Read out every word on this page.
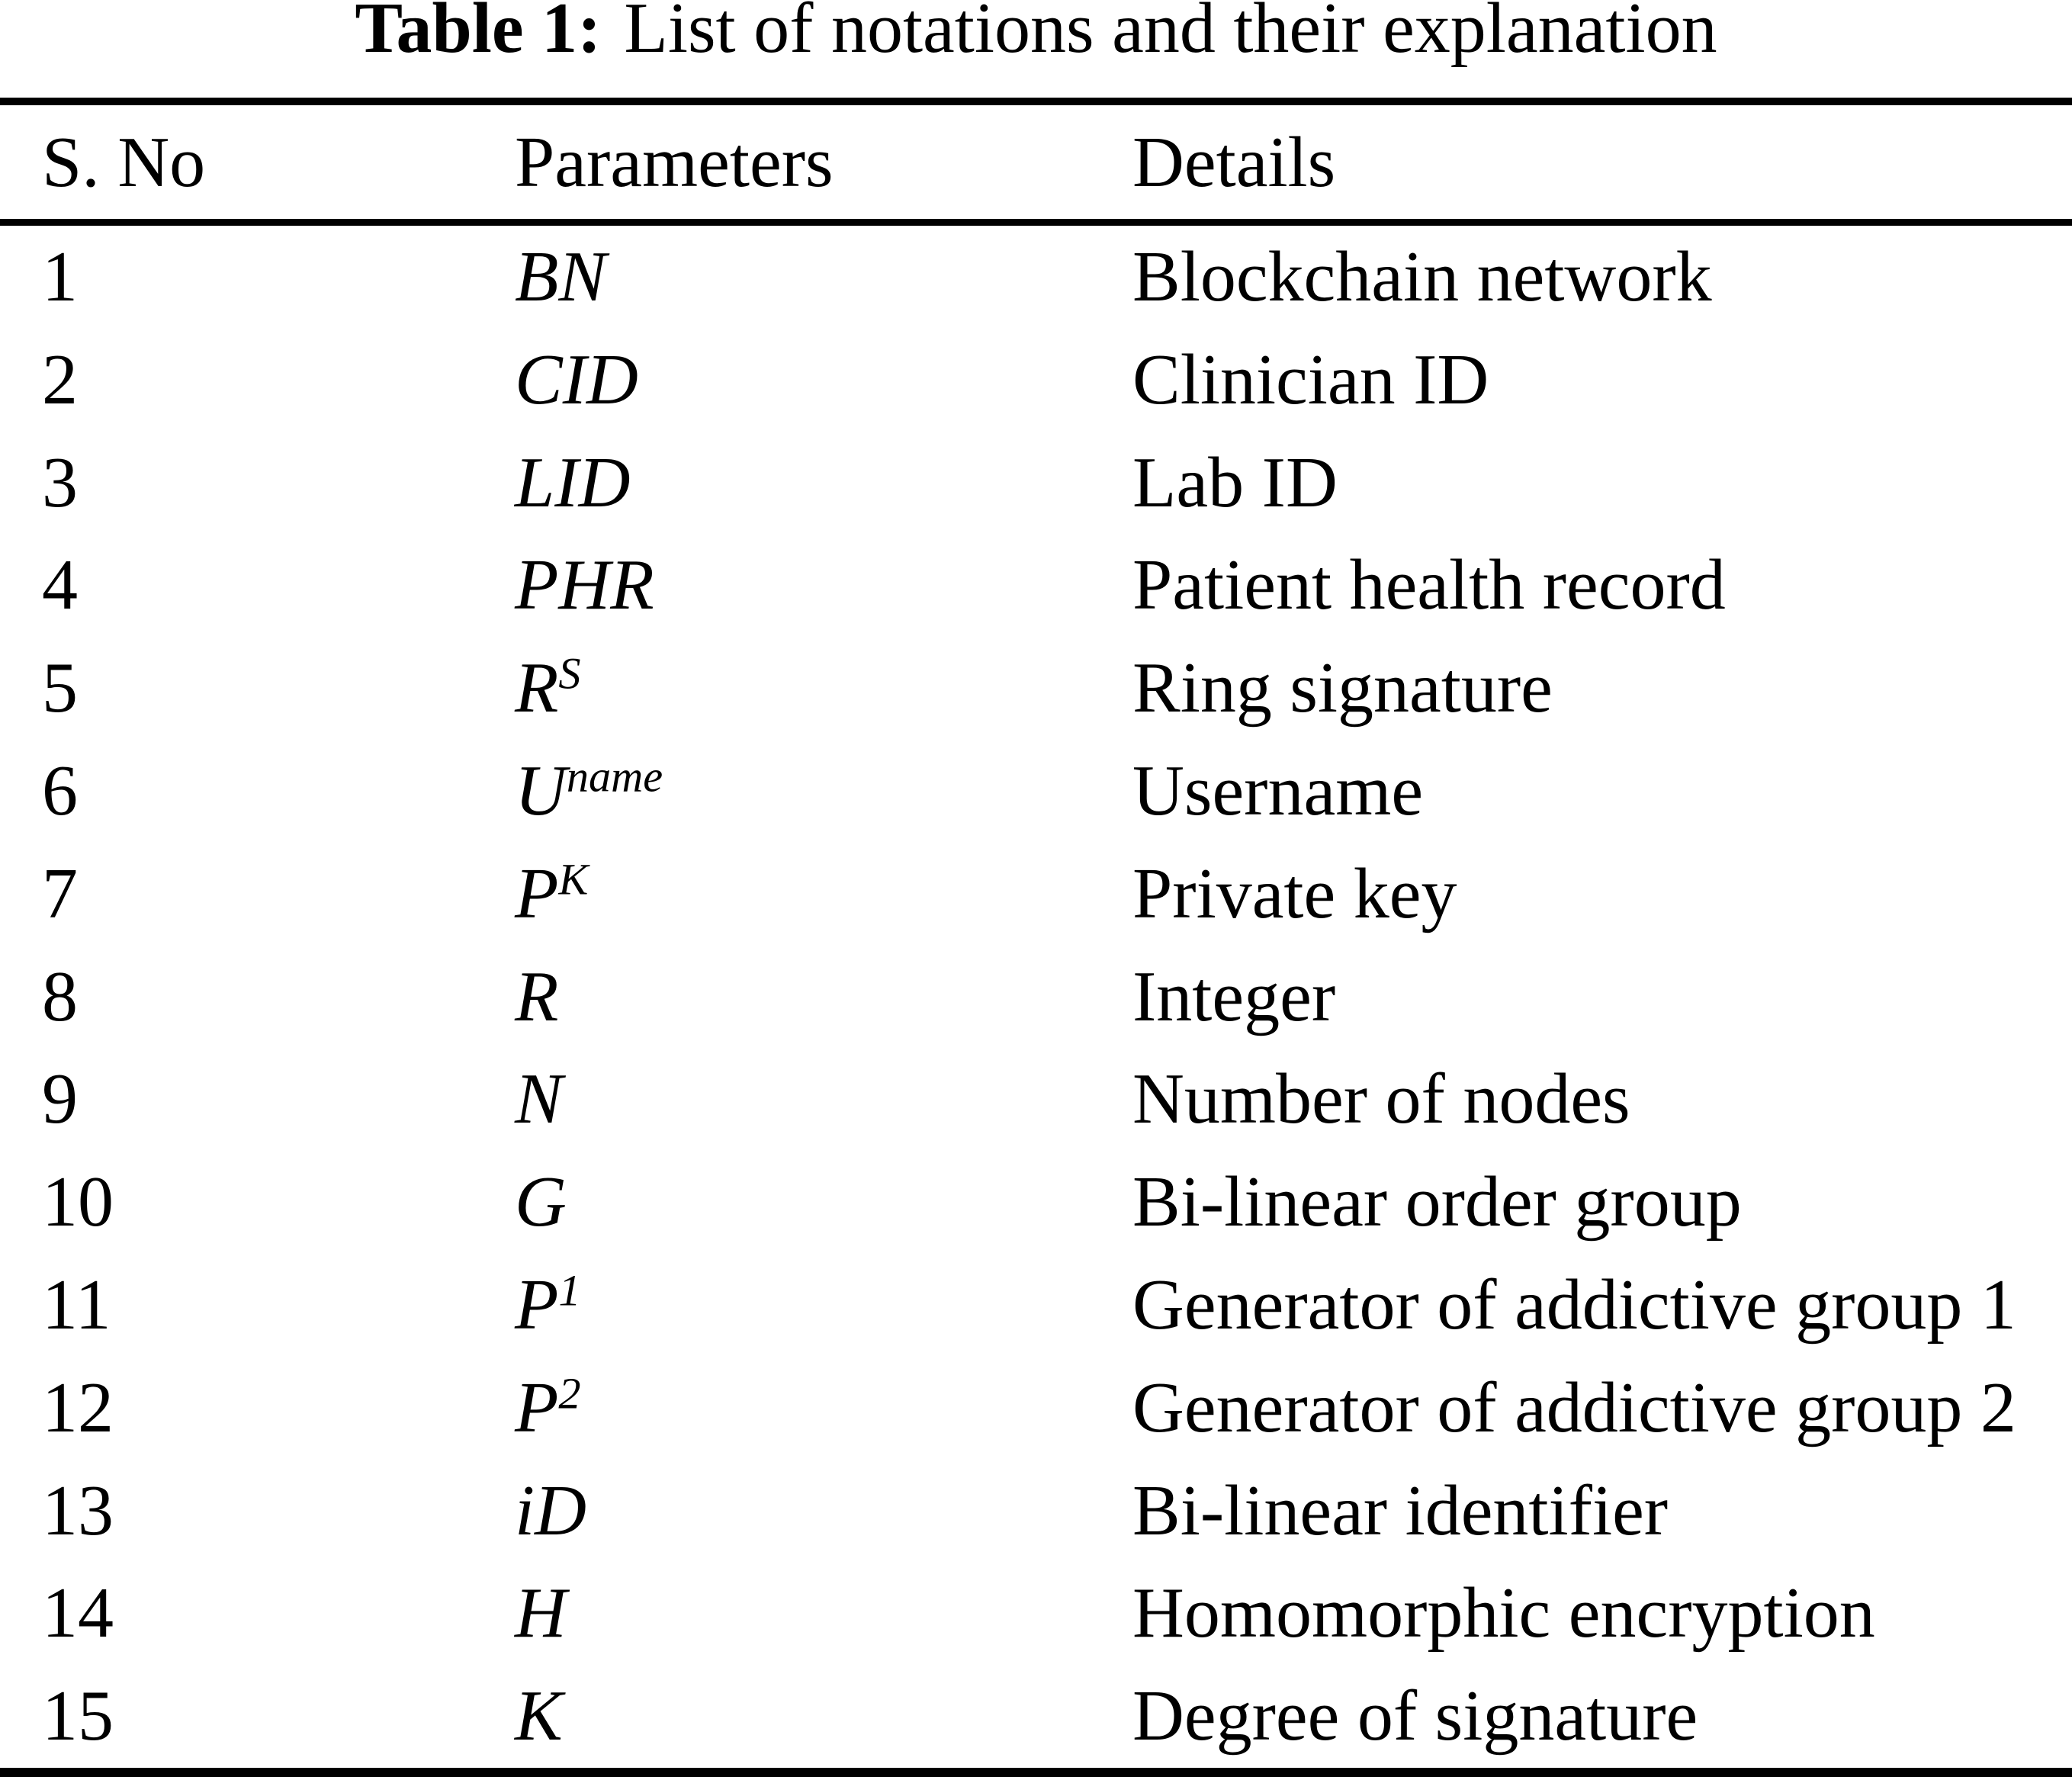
Table 1: List of notations and their explanation
S. No	Parameters	Details
1	BN	Blockchain network
2	CID	Clinician ID
3	LID	Lab ID
4	PHR	Patient health record
5	$R^S$	Ring signature
6	$U^{name}$	Username
7	$P^K$	Private key
8	R	Integer
9	N	Number of nodes
10	G	Bi-linear order group
11	$P^1$	Generator of addictive group 1
12	$P^2$	Generator of addictive group 2
13	iD	Bi-linear identifier
14	H	Homomorphic encryption
15	K	Degree of signature
